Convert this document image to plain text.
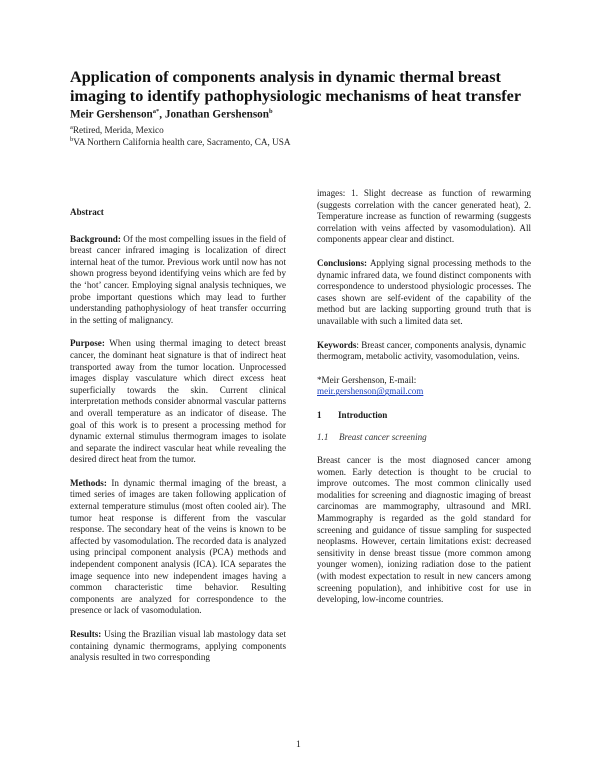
Application of components analysis in dynamic thermal breast imaging to identify pathophysiologic mechanisms of heat transfer
Meir Gershenson$^{a*}$, Jonathan Gershenson$^b$
$^a$Retired, Merida, Mexico
$^b$VA Northern California health care, Sacramento, CA, USA

Abstract

Background: Of the most compelling issues in the field of breast cancer infrared imaging is localization of direct internal heat of the tumor. Previous work until now has not shown progress beyond identifying veins which are fed by the ‘hot’ cancer. Employing signal analysis techniques, we probe important questions which may lead to further understanding pathophysiology of heat transfer occurring in the setting of malignancy.

Purpose: When using thermal imaging to detect breast cancer, the dominant heat signature is that of indirect heat transported away from the tumor location. Unprocessed images display vasculature which direct excess heat superficially towards the skin. Current clinical interpretation methods consider abnormal vascular patterns and overall temperature as an indicator of disease. The goal of this work is to present a processing method for dynamic external stimulus thermogram images to isolate and separate the indirect vascular heat while revealing the desired direct heat from the tumor.

Methods: In dynamic thermal imaging of the breast, a timed series of images are taken following application of external temperature stimulus (most often cooled air). The tumor heat response is different from the vascular response. The secondary heat of the veins is known to be affected by vasomodulation. The recorded data is analyzed using principal component analysis (PCA) methods and independent component analysis (ICA). ICA separates the image sequence into new independent images having a common characteristic time behavior. Resulting components are analyzed for correspondence to the presence or lack of vasomodulation.

Results: Using the Brazilian visual lab mastology data set containing dynamic thermograms, applying components analysis resulted in two corresponding

images: 1. Slight decrease as function of rewarming (suggests correlation with the cancer generated heat), 2. Temperature increase as function of rewarming (suggests correlation with veins affected by vasomodulation). All components appear clear and distinct.

Conclusions: Applying signal processing methods to the dynamic infrared data, we found distinct components with correspondence to understood physiologic processes. The cases shown are self-evident of the capability of the method but are lacking supporting ground truth that is unavailable with such a limited data set.

Keywords: Breast cancer, components analysis, dynamic thermogram, metabolic activity, vasomodulation, veins.

*Meir Gershenson, E-mail:
meir.gershenson@gmail.com

1 Introduction
1.1 Breast cancer screening

Breast cancer is the most diagnosed cancer among women. Early detection is thought to be crucial to improve outcomes. The most common clinically used modalities for screening and diagnostic imaging of breast carcinomas are mammography, ultrasound and MRI. Mammography is regarded as the gold standard for screening and guidance of tissue sampling for suspected neoplasms. However, certain limitations exist: decreased sensitivity in dense breast tissue (more common among younger women), ionizing radiation dose to the patient (with modest expectation to result in new cancers among screening population), and inhibitive cost for use in developing, low-income countries.

1
